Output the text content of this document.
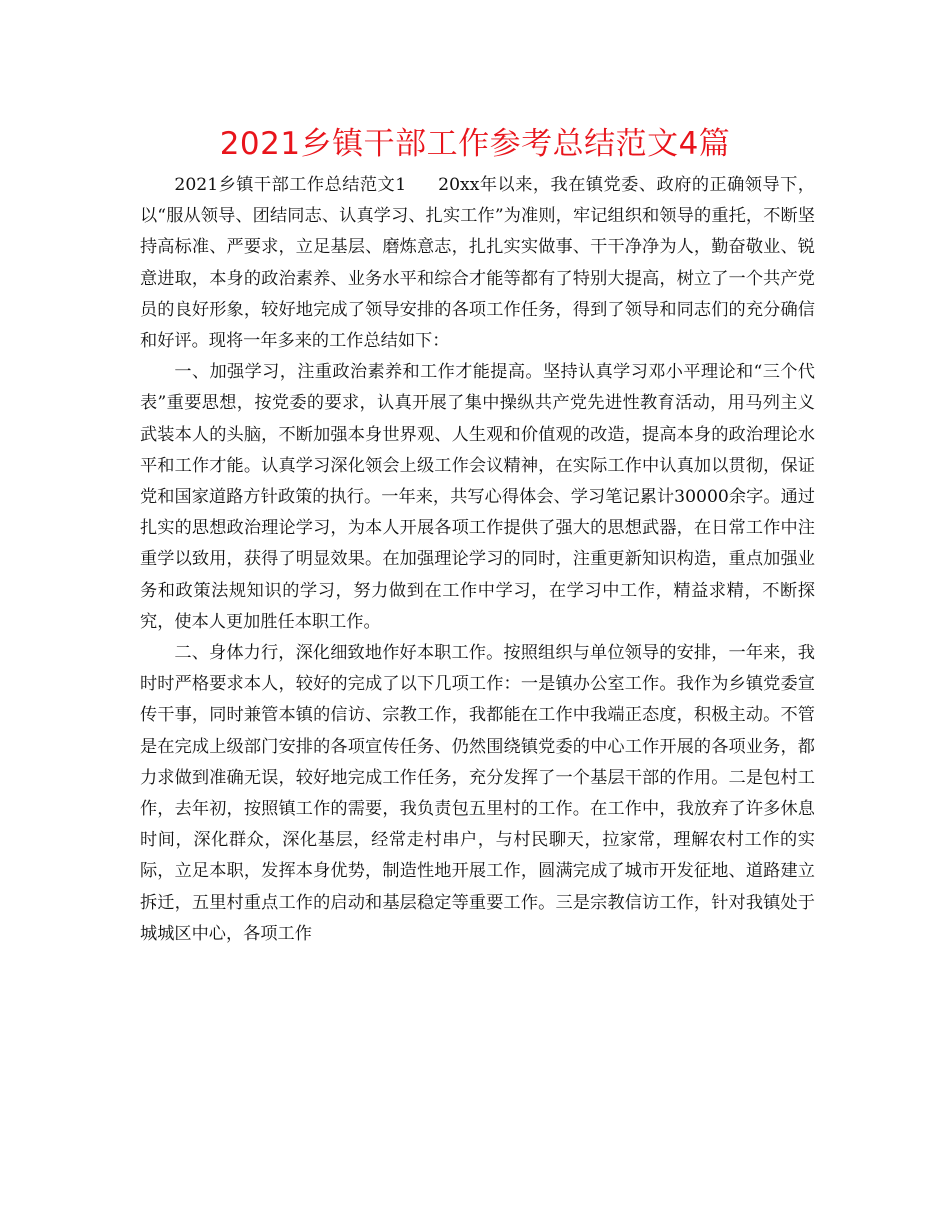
2021乡镇干部工作参考总结范文4篇

2021乡镇干部工作总结范文1 20xx年以来，我在镇党委、政府的正确领导下，以“服从领导、团结同志、认真学习、扎实工作”为准则，牢记组织和领导的重托，不断坚持高标准、严要求，立足基层、磨炼意志，扎扎实实做事、干干净净为人，勤奋敬业、锐意进取，本身的政治素养、业务水平和综合才能等都有了特别大提高，树立了一个共产党员的良好形象，较好地完成了领导安排的各项工作任务，得到了领导和同志们的充分确信和好评。现将一年多来的工作总结如下：

一、加强学习，注重政治素养和工作才能提高。坚持认真学习邓小平理论和“三个代表”重要思想，按党委的要求，认真开展了集中操纵共产党先进性教育活动，用马列主义武装本人的头脑，不断加强本身世界观、人生观和价值观的改造，提高本身的政治理论水平和工作才能。认真学习深化领会上级工作会议精神，在实际工作中认真加以贯彻，保证党和国家道路方针政策的执行。一年来，共写心得体会、学习笔记累计30000余字。通过扎实的思想政治理论学习，为本人开展各项工作提供了强大的思想武器，在日常工作中注重学以致用，获得了明显效果。在加强理论学习的同时，注重更新知识构造，重点加强业务和政策法规知识的学习，努力做到在工作中学习，在学习中工作，精益求精，不断探究，使本人更加胜任本职工作。

二、身体力行，深化细致地作好本职工作。按照组织与单位领导的安排，一年来，我时时严格要求本人，较好的完成了以下几项工作：一是镇办公室工作。我作为乡镇党委宣传干事，同时兼管本镇的信访、宗教工作，我都能在工作中我端正态度，积极主动。不管是在完成上级部门安排的各项宣传任务、仍然围绕镇党委的中心工作开展的各项业务，都力求做到准确无误，较好地完成工作任务，充分发挥了一个基层干部的作用。二是包村工作，去年初，按照镇工作的需要，我负责包五里村的工作。在工作中，我放弃了许多休息时间，深化群众，深化基层，经常走村串户，与村民聊天，拉家常，理解农村工作的实际，立足本职，发挥本身优势，制造性地开展工作，圆满完成了城市开发征地、道路建立拆迁，五里村重点工作的启动和基层稳定等重要工作。三是宗教信访工作，针对我镇处于城城区中心，各项工作
